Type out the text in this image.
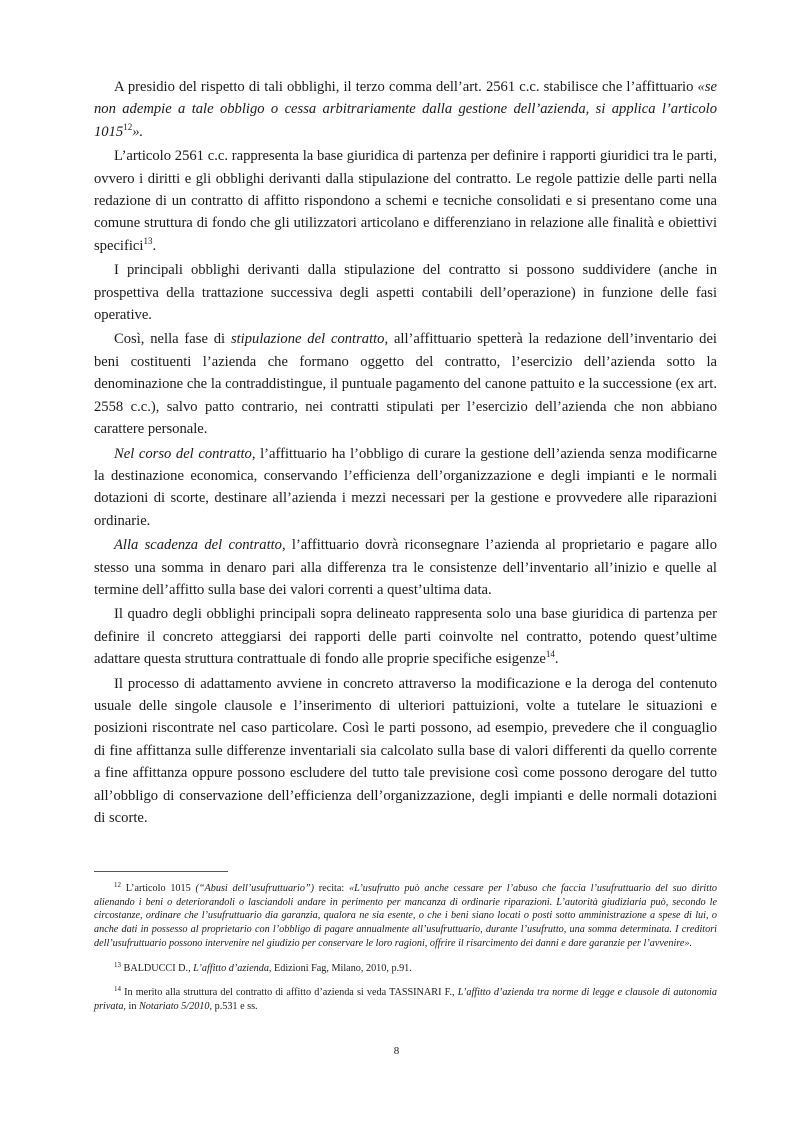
A presidio del rispetto di tali obblighi, il terzo comma dell’art. 2561 c.c. stabilisce che l’affittuario «se non adempie a tale obbligo o cessa arbitrariamente dalla gestione dell’azienda, si applica l’articolo 1015$^{12}$».

L’articolo 2561 c.c. rappresenta la base giuridica di partenza per definire i rapporti giuridici tra le parti, ovvero i diritti e gli obblighi derivanti dalla stipulazione del contratto. Le regole pattizie delle parti nella redazione di un contratto di affitto rispondono a schemi e tecniche consolidati e si presentano come una comune struttura di fondo che gli utilizzatori articolano e differenziano in relazione alle finalità e obiettivi specifici$^{13}$.

I principali obblighi derivanti dalla stipulazione del contratto si possono suddividere (anche in prospettiva della trattazione successiva degli aspetti contabili dell’operazione) in funzione delle fasi operative.

Così, nella fase di stipulazione del contratto, all’affittuario spetterà la redazione dell’inventario dei beni costituenti l’azienda che formano oggetto del contratto, l’esercizio dell’azienda sotto la denominazione che la contraddistingue, il puntuale pagamento del canone pattuito e la successione (ex art. 2558 c.c.), salvo patto contrario, nei contratti stipulati per l’esercizio dell’azienda che non abbiano carattere personale.

Nel corso del contratto, l’affittuario ha l’obbligo di curare la gestione dell’azienda senza modificarne la destinazione economica, conservando l’efficienza dell’organizzazione e degli impianti e le normali dotazioni di scorte, destinare all’azienda i mezzi necessari per la gestione e provvedere alle riparazioni ordinarie.

Alla scadenza del contratto, l’affittuario dovrà riconsegnare l’azienda al proprietario e pagare allo stesso una somma in denaro pari alla differenza tra le consistenze dell’inventario all’inizio e quelle al termine dell’affitto sulla base dei valori correnti a quest’ultima data.

Il quadro degli obblighi principali sopra delineato rappresenta solo una base giuridica di partenza per definire il concreto atteggiarsi dei rapporti delle parti coinvolte nel contratto, potendo quest’ultime adattare questa struttura contrattuale di fondo alle proprie specifiche esigenze$^{14}$.

Il processo di adattamento avviene in concreto attraverso la modificazione e la deroga del contenuto usuale delle singole clausole e l’inserimento di ulteriori pattuizioni, volte a tutelare le situazioni e posizioni riscontrate nel caso particolare. Così le parti possono, ad esempio, prevedere che il conguaglio di fine affittanza sulle differenze inventariali sia calcolato sulla base di valori differenti da quello corrente a fine affittanza oppure possono escludere del tutto tale previsione così come possono derogare del tutto all’obbligo di conservazione dell’efficienza dell’organizzazione, degli impianti e delle normali dotazioni di scorte.

$^{12}$ L’articolo 1015 (“Abusi dell’usufruttuario”) recita: «L’usufrutto può anche cessare per l’abuso che faccia l’usufruttuario del suo diritto alienando i beni o deteriorandoli o lasciandoli andare in perimento per mancanza di ordinarie riparazioni. L’autorità giudiziaria può, secondo le circostanze, ordinare che l’usufruttuario dia garanzia, qualora ne sia esente, o che i beni siano locati o posti sotto amministrazione a spese di lui, o anche dati in possesso al proprietario con l’obbligo di pagare annualmente all’usufruttuario, durante l’usufrutto, una somma determinata. I creditori dell’usufruttuario possono intervenire nel giudizio per conservare le loro ragioni, offrire il risarcimento dei danni e dare garanzie per l’avvenire».

$^{13}$ BALDUCCI D., L’affitto d’azienda, Edizioni Fag, Milano, 2010, p.91.

$^{14}$ In merito alla struttura del contratto di affitto d’azienda si veda TASSINARI F., L’affitto d’azienda tra norme di legge e clausole di autonomia privata, in Notariato 5/2010, p.531 e ss.

8
